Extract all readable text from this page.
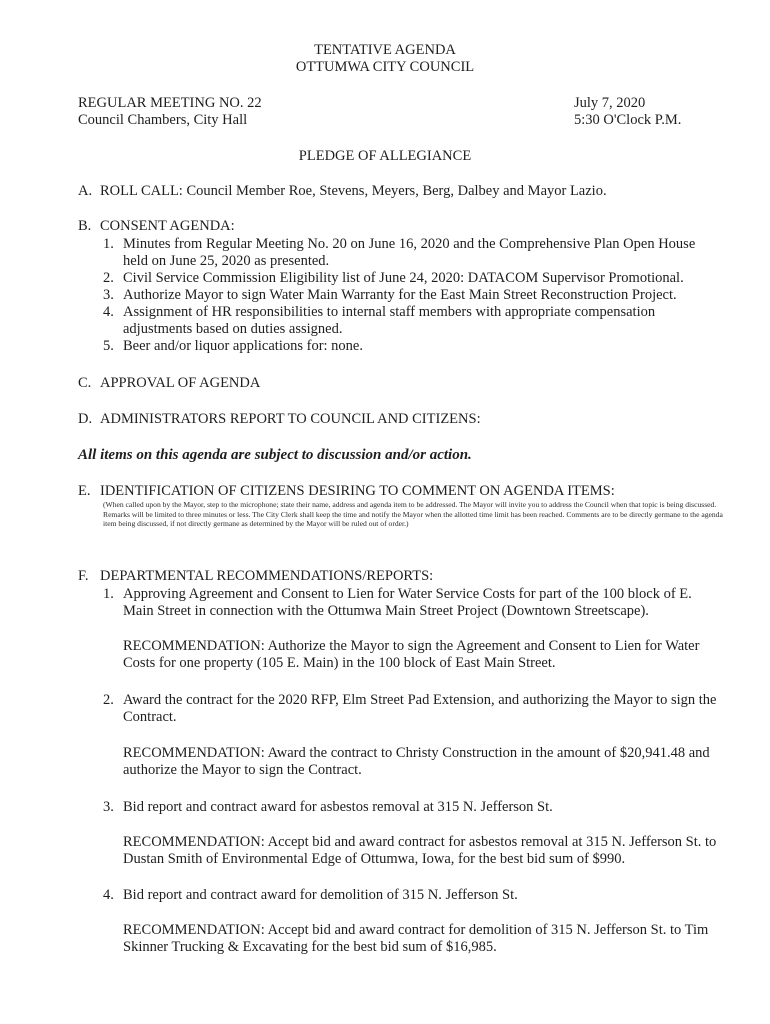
TENTATIVE AGENDA
OTTUMWA CITY COUNCIL
REGULAR MEETING NO. 22
Council Chambers, City Hall
July 7, 2020
5:30 O'Clock P.M.
PLEDGE OF ALLEGIANCE
A. ROLL CALL: Council Member Roe, Stevens, Meyers, Berg, Dalbey and Mayor Lazio.
B. CONSENT AGENDA:
1. Minutes from Regular Meeting No. 20 on June 16, 2020 and the Comprehensive Plan Open House held on June 25, 2020 as presented.
2. Civil Service Commission Eligibility list of June 24, 2020: DATACOM Supervisor Promotional.
3. Authorize Mayor to sign Water Main Warranty for the East Main Street Reconstruction Project.
4. Assignment of HR responsibilities to internal staff members with appropriate compensation adjustments based on duties assigned.
5. Beer and/or liquor applications for: none.
C. APPROVAL OF AGENDA
D. ADMINISTRATORS REPORT TO COUNCIL AND CITIZENS:
All items on this agenda are subject to discussion and/or action.
E. IDENTIFICATION OF CITIZENS DESIRING TO COMMENT ON AGENDA ITEMS:
(When called upon by the Mayor, step to the microphone; state their name, address and agenda item to be addressed. The Mayor will invite you to address the Council when that topic is being discussed. Remarks will be limited to three minutes or less. The City Clerk shall keep the time and notify the Mayor when the allotted time limit has been reached. Comments are to be directly germane to the agenda item being discussed, if not directly germane as determined by the Mayor will be ruled out of order.)
F. DEPARTMENTAL RECOMMENDATIONS/REPORTS:
1. Approving Agreement and Consent to Lien for Water Service Costs for part of the 100 block of E. Main Street in connection with the Ottumwa Main Street Project (Downtown Streetscape).
RECOMMENDATION: Authorize the Mayor to sign the Agreement and Consent to Lien for Water Costs for one property (105 E. Main) in the 100 block of East Main Street.
2. Award the contract for the 2020 RFP, Elm Street Pad Extension, and authorizing the Mayor to sign the Contract.
RECOMMENDATION: Award the contract to Christy Construction in the amount of $20,941.48 and authorize the Mayor to sign the Contract.
3. Bid report and contract award for asbestos removal at 315 N. Jefferson St.
RECOMMENDATION: Accept bid and award contract for asbestos removal at 315 N. Jefferson St. to Dustan Smith of Environmental Edge of Ottumwa, Iowa, for the best bid sum of $990.
4. Bid report and contract award for demolition of 315 N. Jefferson St.
RECOMMENDATION: Accept bid and award contract for demolition of 315 N. Jefferson St. to Tim Skinner Trucking & Excavating for the best bid sum of $16,985.
